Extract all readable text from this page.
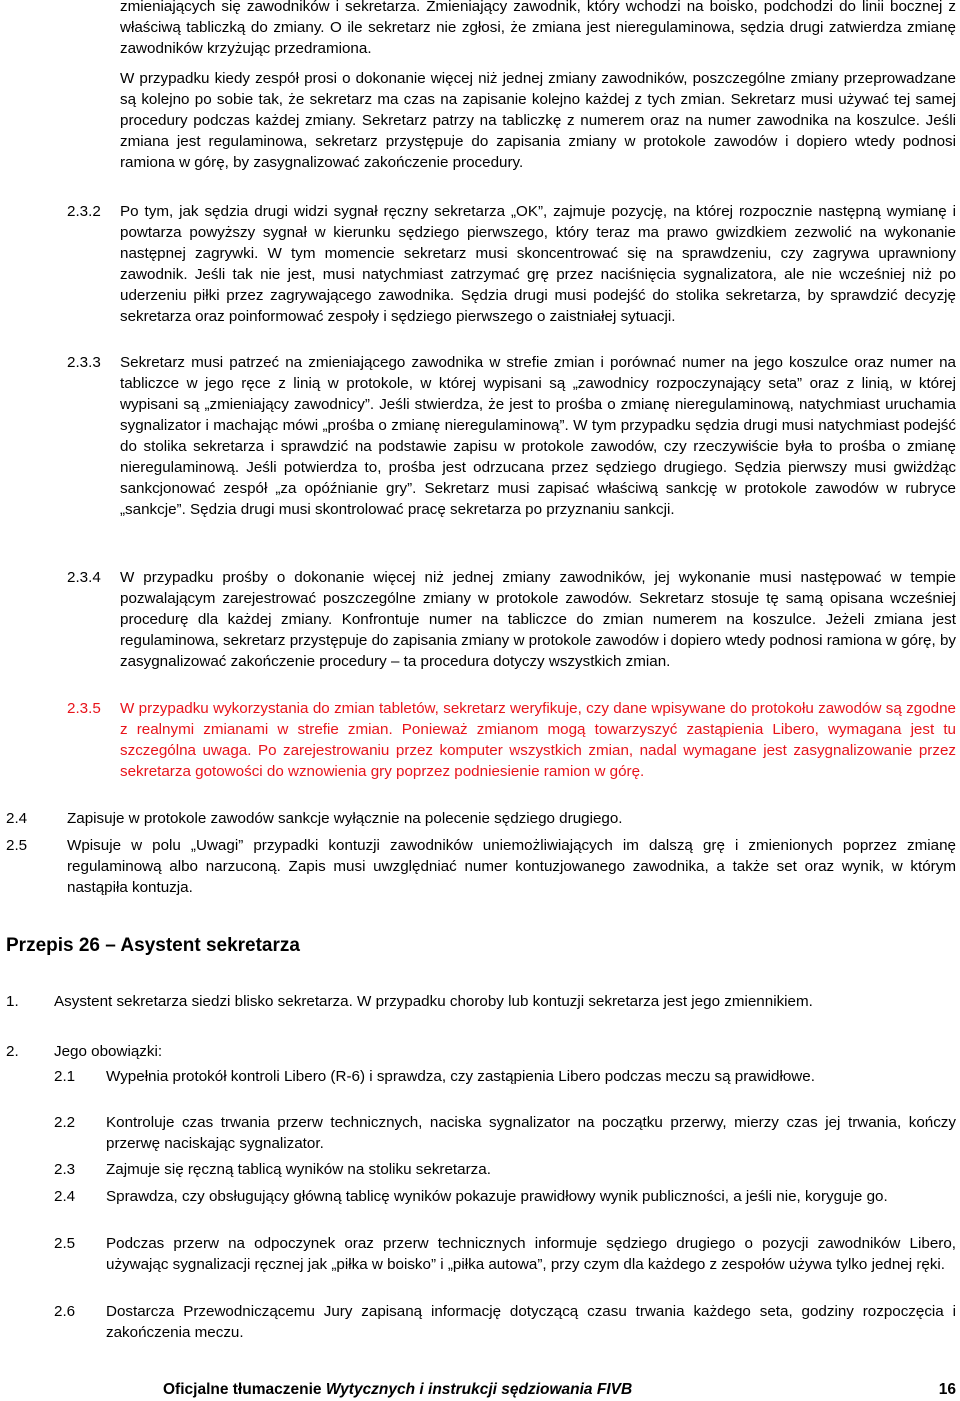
zmieniających się zawodników i sekretarza. Zmieniający zawodnik, który wchodzi na boisko, podchodzi do linii bocznej z właściwą tabliczką do zmiany. O ile sekretarz nie zgłosi, że zmiana jest nieregulaminowa, sędzia drugi zatwierdza zmianę zawodników krzyżując przedramiona.

W przypadku kiedy zespół prosi o dokonanie więcej niż jednej zmiany zawodników, poszczególne zmiany przeprowadzane są kolejno po sobie tak, że sekretarz ma czas na zapisanie kolejno każdej z tych zmian. Sekretarz musi używać tej samej procedury podczas każdej zmiany. Sekretarz patrzy na tabliczkę z numerem oraz na numer zawodnika na koszulce. Jeśli zmiana jest regulaminowa, sekretarz przystępuje do zapisania zmiany w protokole zawodów i dopiero wtedy podnosi ramiona w górę, by zasygnalizować zakończenie procedury.

2.3.2	Po tym, jak sędzia drugi widzi sygnał ręczny sekretarza „OK”, zajmuje pozycję, na której rozpocznie następną wymianę i powtarza powyższy sygnał w kierunku sędziego pierwszego, który teraz ma prawo gwizdkiem zezwolić na wykonanie następnej zagrywki. W tym momencie sekretarz musi skoncentrować się na sprawdzeniu, czy zagrywa uprawniony zawodnik. Jeśli tak nie jest, musi natychmiast zatrzymać grę przez naciśnięcia sygnalizatora, ale nie wcześniej niż po uderzeniu piłki przez zagrywającego zawodnika. Sędzia drugi musi podejść do stolika sekretarza, by sprawdzić decyzję sekretarza oraz poinformować zespoły i sędziego pierwszego o zaistniałej sytuacji.

2.3.3	Sekretarz musi patrzeć na zmieniającego zawodnika w strefie zmian i porównać numer na jego koszulce oraz numer na tabliczce w jego ręce z linią w protokole, w której wypisani są „zawodnicy rozpoczynający seta” oraz z linią, w której wypisani są „zmieniający zawodnicy”. Jeśli stwierdza, że jest to prośba o zmianę nieregulaminową, natychmiast uruchamia sygnalizator i machając mówi „prośba o zmianę nieregulaminową”. W tym przypadku sędzia drugi musi natychmiast podejść do stolika sekretarza i sprawdzić na podstawie zapisu w protokole zawodów, czy rzeczywiście była to prośba o zmianę nieregulaminową. Jeśli potwierdza to, prośba jest odrzucana przez sędziego drugiego. Sędzia pierwszy musi gwiżdżąc sankcjonować zespół „za opóźnianie gry”. Sekretarz musi zapisać właściwą sankcję w protokole zawodów w rubryce „sankcje”. Sędzia drugi musi skontrolować pracę sekretarza po przyznaniu sankcji.

2.3.4	W przypadku prośby o dokonanie więcej niż jednej zmiany zawodników, jej wykonanie musi następować w tempie pozwalającym zarejestrować poszczególne zmiany w protokole zawodów. Sekretarz stosuje tę samą opisana wcześniej procedurę dla każdej zmiany. Konfrontuje numer na tabliczce do zmian numerem na koszulce. Jeżeli zmiana jest regulaminowa, sekretarz przystępuje do zapisania zmiany w protokole zawodów i dopiero wtedy podnosi ramiona w górę, by zasygnalizować zakończenie procedury – ta procedura dotyczy wszystkich zmian.

2.3.5	W przypadku wykorzystania do zmian tabletów, sekretarz weryfikuje, czy dane wpisywane do protokołu zawodów są zgodne z realnymi zmianami w strefie zmian. Ponieważ zmianom mogą towarzyszyć zastąpienia Libero, wymagana jest tu szczególna uwaga. Po zarejestrowaniu przez komputer wszystkich zmian, nadal wymagane jest zasygnalizowanie przez sekretarza gotowości do wznowienia gry poprzez podniesienie ramion w górę.

2.4	Zapisuje w protokole zawodów sankcje wyłącznie na polecenie sędziego drugiego.

2.5	Wpisuje w polu „Uwagi” przypadki kontuzji zawodników uniemożliwiających im dalszą grę i zmienionych poprzez zmianę regulaminową albo narzuconą. Zapis musi uwzględniać numer kontuzjowanego zawodnika, a także set oraz wynik, w którym nastąpiła kontuzja.

Przepis 26 – Asystent sekretarza
1.	Asystent sekretarza siedzi blisko sekretarza. W przypadku choroby lub kontuzji sekretarza jest jego zmiennikiem.

2.	Jego obowiązki:

2.1	Wypełnia protokół kontroli Libero (R-6) i sprawdza, czy zastąpienia Libero podczas meczu są prawidłowe.

2.2	Kontroluje czas trwania przerw technicznych, naciska sygnalizator na początku przerwy, mierzy czas jej trwania, kończy przerwę naciskając sygnalizator.

2.3	Zajmuje się ręczną tablicą wyników na stoliku sekretarza.

2.4	Sprawdza, czy obsługujący główną tablicę wyników pokazuje prawidłowy wynik publiczności, a jeśli nie, koryguje go.

2.5	Podczas przerw na odpoczynek oraz przerw technicznych informuje sędziego drugiego o pozycji zawodników Libero, używając sygnalizacji ręcznej jak „piłka w boisko” i „piłka autowa”, przy czym dla każdego z zespołów używa tylko jednej ręki.

2.6	Dostarcza Przewodniczącemu Jury zapisaną informację dotyczącą czasu trwania każdego seta, godziny rozpoczęcia i zakończenia meczu.

Oficjalne tłumaczenie Wytycznych i instrukcji sędziowania FIVB	16
